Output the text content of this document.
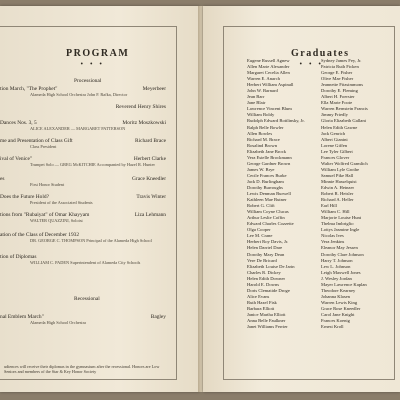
PROGRAM
• • •
Processional
tion March, "The Prophet"	Meyerbeer
Alameda High School Orchestra John F. Rafka, Director
Reverend Henry Shires
Dances Nos. 3, 5	Moritz Moszkowski
ALICE ALEXANDER — MARGARET PATTERSON
me and Presentation of Class Gift	Richard Brace
Class President
ival of Venice"	Herbert Clarke
Trumpet Solo — GREG McKITCHIE Accompanied by Hazel R. Hunter
es	Grace Kneedler
First Honor Student
Does the Future Hold?	Travis Winter
President of the Associated Students
tions from "Rubaiyat" of Omar Khayyam	Liza Lehmann
WALTER QUAZZINI, Soloist
ation of the Class of December 1932
DR. GEORGE C. THOMPSON Principal of the Alameda High School
tion of Diplomas
WILLIAM C. PADEN Superintendent of Alameda City Schools
Recessional
nal Emblem March"	Bagley
Alameda High School Orchestra
udiences will receive their diplomas in the gymnasium after the recessional. Honors are Low Seniors and members of the Star & Key Honor Society
Graduates
• • •
Eugene Russell Agnew
Allen Marie Alexander
Margaret Cecelia Allen
Warren E. Anarch
Herbert William Aspinall
John W. Barnard
Jean Barr
Jane Blair
Lawrence Vincent Blum
William Boldy
Rudolph Edward Bottlinsky, Jr.
Ralph Belle Bowler
Allen Bowles
Richard M. Brace
Rosalind Brown
Elizabeth Jane Brock
Vera Estelle Brockmann
George Gardner Brown
James W. Brye
Cecile Frances Burke
Jack D. Burlingham
Dorothy Burroughs
Lewis Denman Burwell
Kathleen Mae Butner
Robert G. Clift
William Coyne Clucas
Arthur Leslie Coffin
Edward Charles Cozzette
Olga Cooper
Lee M. Crane
Herbert Roy Davis, Jr.
Helen Darriel Dare
Dorothy Mary Dean
Vere De Bricard
Elizabeth Louise De Jarin
Charles R. Dickey
Helen Edith Downer
Harold E. Downs
Doris Clematide Droge
Alice Evans
Ruth Hazel Fisk
Barbara Elliott
Janice Martha Elliott
Anna Belle Faulkner
Janet Williams Ferrier
Sydney James Fey, Jr.
Patricia Ruth Ficken
George E. Fisher
Olive Mae Fisher
Jeannette Fitzsimmons
Dorothy E. Fleming
Albert H. Foerster
Ella Marie Foote
Warren Bernstein Francis
Jimmy Friedly
Gloria Elizabeth Gallant
Helen Edith Gawne
Jack Genrich
Albert Gianini
Lorene Giffen
Lee Tyler Gilbert
Frances Glover
Walter Wolfred Gramlich
William Lyle Grothe
Samuel Pike Hall
Minnie Hasselquist
Edwin A. Heinzer
Robert R. Heisler
Richard A. Heller
Earl Hill
William C. Hill
Marjorie Louise Hunt
Thelma Imbriglio
Lottys Jasmine Ingle
Nicolas Ives
Vera Jenkins
Eleanor May Jessen
Dorothy Clare Johnson
Harry T. Johnson
Lew L. Johnson
Leigh Maxwell Jones
J. Wesley Jordan
Mayer Lawrence Kaplan
Theodore Kearney
Johanna Klasen
Warren Lewis King
Grace Rose Kneedler
Carol Jane Knight
Frances Koenig
Ernest Kroll
